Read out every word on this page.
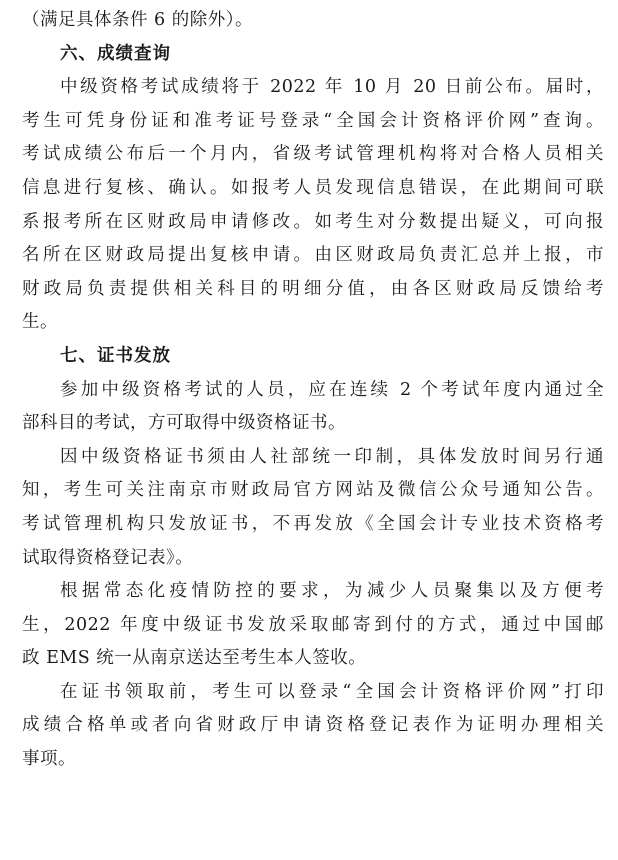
（满足具体条件 6 的除外）。
六、成绩查询
中级资格考试成绩将于 2022 年 10 月 20 日前公布。届时，
考生可凭身份证和准考证号登录“全国会计资格评价网”查询。
考试成绩公布后一个月内，省级考试管理机构将对合格人员相关
信息进行复核、确认。如报考人员发现信息错误，在此期间可联
系报考所在区财政局申请修改。如考生对分数提出疑义，可向报
名所在区财政局提出复核申请。由区财政局负责汇总并上报，市
财政局负责提供相关科目的明细分值，由各区财政局反馈给考
生。
七、证书发放
参加中级资格考试的人员，应在连续 2 个考试年度内通过全
部科目的考试，方可取得中级资格证书。
因中级资格证书须由人社部统一印制，具体发放时间另行通
知，考生可关注南京市财政局官方网站及微信公众号通知公告。
考试管理机构只发放证书，不再发放《全国会计专业技术资格考
试取得资格登记表》。
根据常态化疫情防控的要求，为减少人员聚集以及方便考
生，2022 年度中级证书发放采取邮寄到付的方式，通过中国邮
政 EMS 统一从南京送达至考生本人签收。
在证书领取前，考生可以登录“全国会计资格评价网”打印
成绩合格单或者向省财政厅申请资格登记表作为证明办理相关
事项。
